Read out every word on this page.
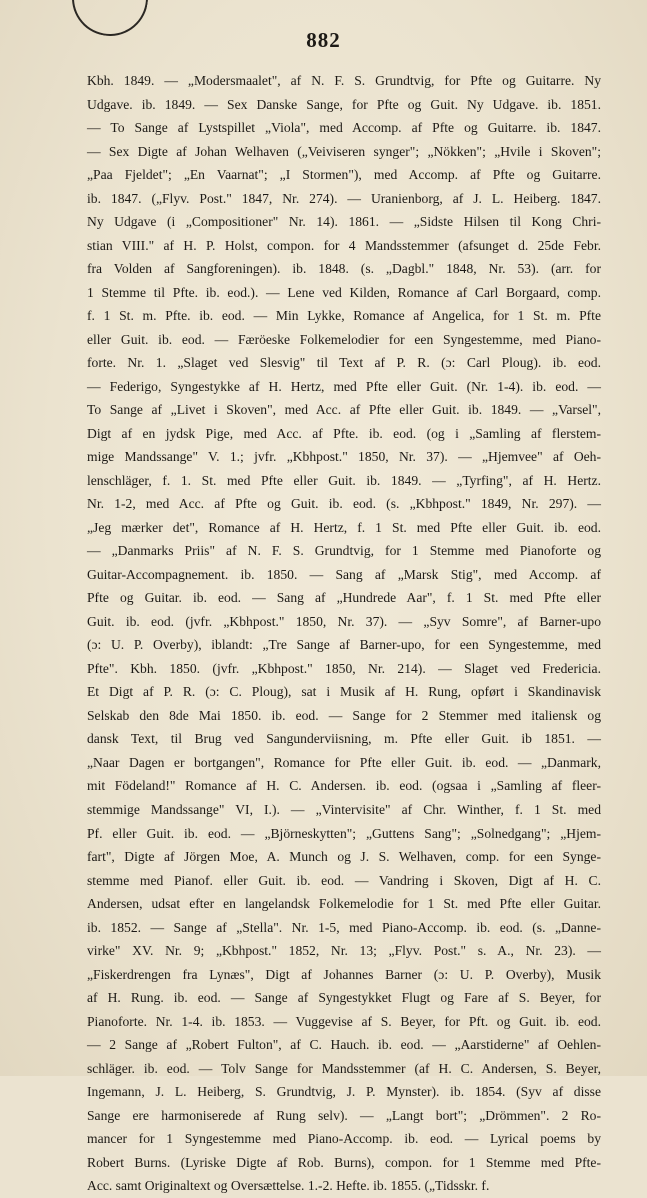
882
Kbh. 1849. — „Modersmaalet", af N. F. S. Grundtvig, for Pfte og Guitarre. Ny
Udgave. ib. 1849. — Sex Danske Sange, for Pfte og Guit. Ny Udgave. ib. 1851.
— To Sange af Lystspillet „Viola", med Accomp. af Pfte og Guitarre. ib. 1847.
— Sex Digte af Johan Welhaven („Veiviseren synger"; „Nökken"; „Hvile i Skoven";
„Paa Fjeldet"; „En Vaarnat"; „I Stormen"), med Accomp. af Pfte og Guitarre.
ib. 1847. („Flyv. Post." 1847, Nr. 274). — Uranienborg, af J. L. Heiberg. 1847.
Ny Udgave (i „Compositioner" Nr. 14). 1861. — „Sidste Hilsen til Kong Chri-
stian VIII." af H. P. Holst, compon. for 4 Mandsstemmer (afsunget d. 25de Febr.
fra Volden af Sangforeningen). ib. 1848. (s. „Dagbl." 1848, Nr. 53). (arr. for
1 Stemme til Pfte. ib. eod.). — Lene ved Kilden, Romance af Carl Borgaard, comp.
f. 1 St. m. Pfte. ib. eod. — Min Lykke, Romance af Angelica, for 1 St. m. Pfte
eller Guit. ib. eod. — Færöeske Folkemelodier for een Syngestemme, med Piano-
forte. Nr. 1. „Slaget ved Slesvig" til Text af P. R. (ɔ: Carl Ploug). ib. eod.
— Federigo, Syngestykke af H. Hertz, med Pfte eller Guit. (Nr. 1-4). ib. eod. —
To Sange af „Livet i Skoven", med Acc. af Pfte eller Guit. ib. 1849. — „Varsel",
Digt af en jydsk Pige, med Acc. af Pfte. ib. eod. (og i „Samling af flerstem-
mige Mandssange" V. 1.; jvfr. „Kbhpost." 1850, Nr. 37). — „Hjemvee" af Oeh-
lenschläger, f. 1. St. med Pfte eller Guit. ib. 1849. — „Tyrfing", af H. Hertz.
Nr. 1-2, med Acc. af Pfte og Guit. ib. eod. (s. „Kbhpost." 1849, Nr. 297). —
„Jeg mærker det", Romance af H. Hertz, f. 1 St. med Pfte eller Guit. ib. eod.
— „Danmarks Priis" af N. F. S. Grundtvig, for 1 Stemme med Pianoforte og
Guitar-Accompagnement. ib. 1850. — Sang af „Marsk Stig", med Accomp. af
Pfte og Guitar. ib. eod. — Sang af „Hundrede Aar", f. 1 St. med Pfte eller
Guit. ib. eod. (jvfr. „Kbhpost." 1850, Nr. 37). — „Syv Somre", af Barner-upo
(ɔ: U. P. Overby), iblandt: „Tre Sange af Barner-upo, for een Syngestemme, med
Pfte". Kbh. 1850. (jvfr. „Kbhpost." 1850, Nr. 214). — Slaget ved Fredericia.
Et Digt af P. R. (ɔ: C. Ploug), sat i Musik af H. Rung, opført i Skandinavisk
Selskab den 8de Mai 1850. ib. eod. — Sange for 2 Stemmer med italiensk og
dansk Text, til Brug ved Sangunderviisning, m. Pfte eller Guit. ib 1851. —
„Naar Dagen er bortgangen", Romance for Pfte eller Guit. ib. eod. — „Danmark,
mit Födeland!" Romance af H. C. Andersen. ib. eod. (ogsaa i „Samling af fleer-
stemmige Mandssange" VI, I.). — „Vintervisite" af Chr. Winther, f. 1 St. med
Pf. eller Guit. ib. eod. — „Björneskytten"; „Guttens Sang"; „Solnedgang"; „Hjem-
fart", Digte af Jörgen Moe, A. Munch og J. S. Welhaven, comp. for een Synge-
stemme med Pianof. eller Guit. ib. eod. — Vandring i Skoven, Digt af H. C.
Andersen, udsat efter en langelandsk Folkemelodie for 1 St. med Pfte eller Guitar.
ib. 1852. — Sange af „Stella". Nr. 1-5, med Piano-Accomp. ib. eod. (s. „Danne-
virke" XV. Nr. 9; „Kbhpost." 1852, Nr. 13; „Flyv. Post." s. A., Nr. 23). —
„Fiskerdrengen fra Lynæs", Digt af Johannes Barner (ɔ: U. P. Overby), Musik
af H. Rung. ib. eod. — Sange af Syngestykket Flugt og Fare af S. Beyer, for
Pianoforte. Nr. 1-4. ib. 1853. — Vuggevise af S. Beyer, for Pft. og Guit. ib. eod.
— 2 Sange af „Robert Fulton", af C. Hauch. ib. eod. — „Aarstiderne" af Oehlen-
schläger. ib. eod. — Tolv Sange for Mandsstemmer (af H. C. Andersen, S. Beyer,
Ingemann, J. L. Heiberg, S. Grundtvig, J. P. Mynster). ib. 1854. (Syv af disse
Sange ere harmoniserede af Rung selv). — „Langt bort"; „Drömmen". 2 Ro-
mancer for 1 Syngestemme med Piano-Accomp. ib. eod. — Lyrical poems by
Robert Burns. (Lyriske Digte af Rob. Burns), compon. for 1 Stemme med Pfte-
Acc. samt Originaltext og Oversættelse. 1.-2. Hefte. ib. 1855. („Tidsskr. f.
